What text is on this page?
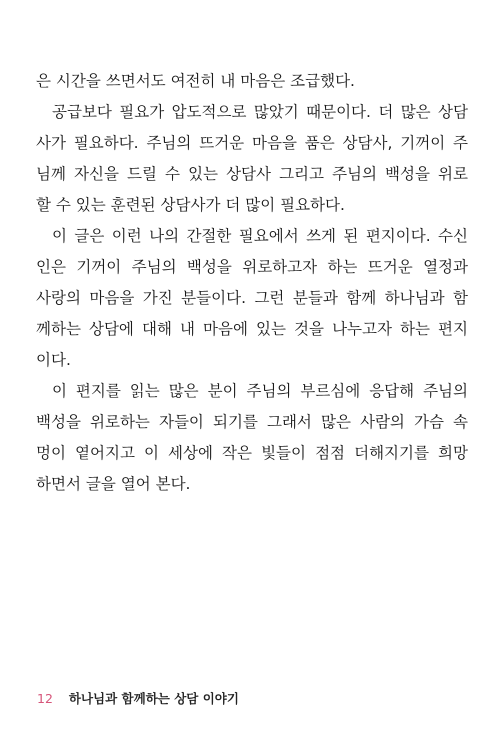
은 시간을 쓰면서도 여전히 내 마음은 조급했다.
공급보다 필요가 압도적으로 많았기 때문이다. 더 많은 상담
사가 필요하다. 주님의 뜨거운 마음을 품은 상담사, 기꺼이 주
님께 자신을 드릴 수 있는 상담사 그리고 주님의 백성을 위로
할 수 있는 훈련된 상담사가 더 많이 필요하다.
이 글은 이런 나의 간절한 필요에서 쓰게 된 편지이다. 수신
인은 기꺼이 주님의 백성을 위로하고자 하는 뜨거운 열정과
사랑의 마음을 가진 분들이다. 그런 분들과 함께 하나님과 함
께하는 상담에 대해 내 마음에 있는 것을 나누고자 하는 편지
이다.
이 편지를 읽는 많은 분이 주님의 부르심에 응답해 주님의
백성을 위로하는 자들이 되기를 그래서 많은 사람의 가슴 속
멍이 옅어지고 이 세상에 작은 빛들이 점점 더해지기를 희망
하면서 글을 열어 본다.
12 하나님과 함께하는 상담 이야기
